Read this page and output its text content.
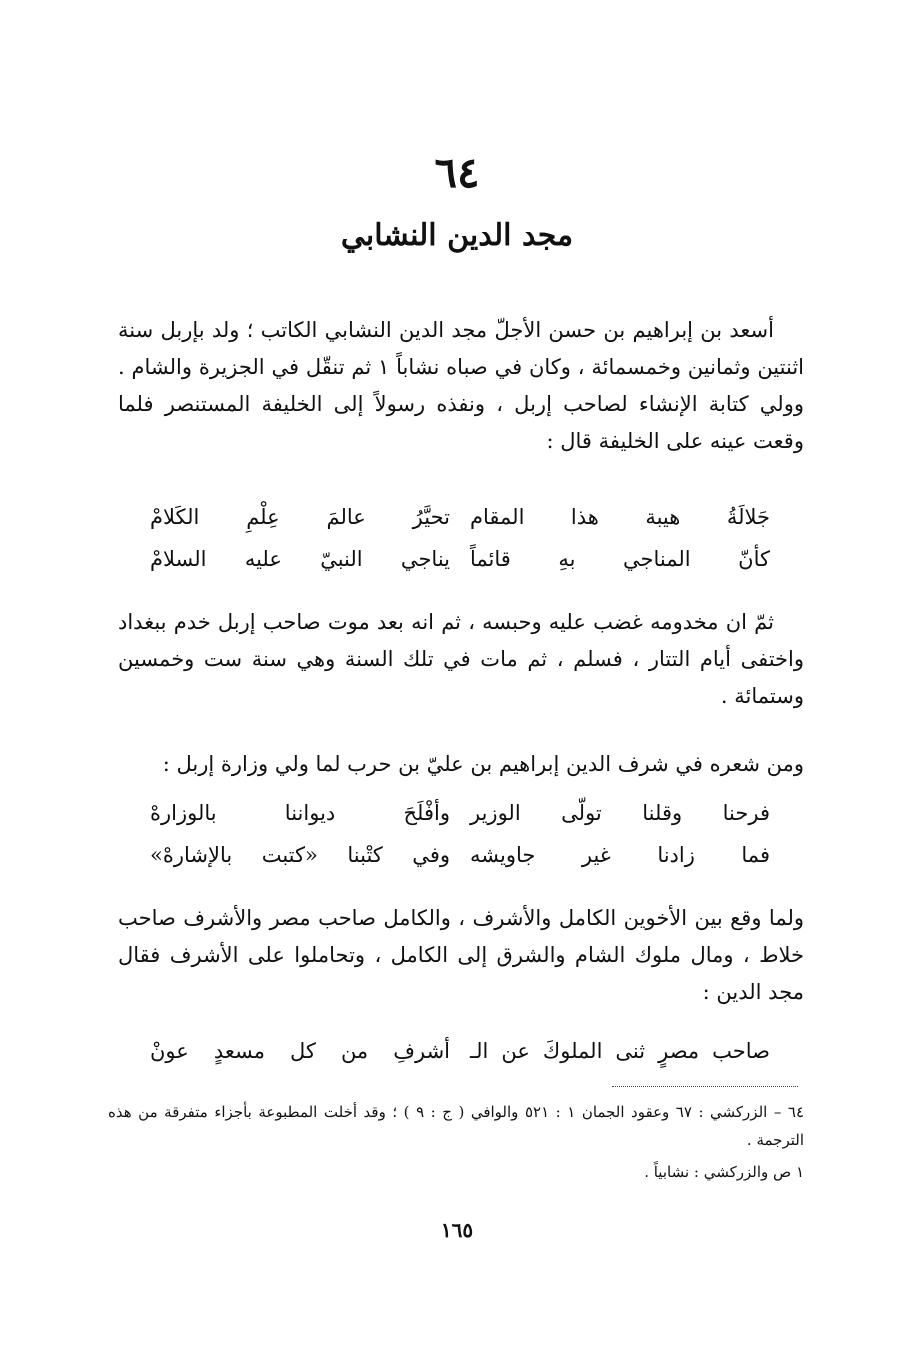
٦٤
مجد الدين النشابي
أسعد بن إبراهيم بن حسن الأجلّ مجد الدين النشابي الكاتب ؛ ولد بإربل سنة اثنتين وثمانين وخمسمائة ، وكان في صباه نشاباً ١ ثم تنقّل في الجزيرة والشام . وولي كتابة الإنشاء لصاحب إربل ، ونفذه رسولاً إلى الخليفة المستنصر فلما وقعت عينه على الخليفة قال :
جَلالَةُ هيبة هذا المقام
تحيَّرُ عالمَ عِلْمِ الكَلامْ
كأنّ المناجي بهِ قائماً
يناجي النبيّ عليه السلامْ
ثمّ ان مخدومه غضب عليه وحبسه ، ثم انه بعد موت صاحب إربل خدم ببغداد واختفى أيام التتار ، فسلم ، ثم مات في تلك السنة وهي سنة ست وخمسين وستمائة .
ومن شعره في شرف الدين إبراهيم بن عليّ بن حرب لما ولي وزارة إربل :
فرحنا وقلنا تولّى الوزير
وأفْلَحَ ديواننا بالوزارهْ
فما زادنا غير جاويشه
وفي كتْبنا «كتبت بالإشارهْ»
ولما وقع بين الأخوين الكامل والأشرف ، والكامل صاحب مصر والأشرف صاحب خلاط ، ومال ملوك الشام والشرق إلى الكامل ، وتحاملوا على الأشرف فقال مجد الدين :
صاحب مصرٍ ثنى الملوكَ عن الـ
أشرفِ من كل مسعدٍ عونْ
٦٤ – الزركشي : ٦٧ وعقود الجمان ١ : ٥٢١ والوافي ( ج : ٩ ) ؛ وقد أخلت المطبوعة بأجزاء متفرقة من هذه الترجمة .
١ ص والزركشي : نشابياً .
١٦٥
